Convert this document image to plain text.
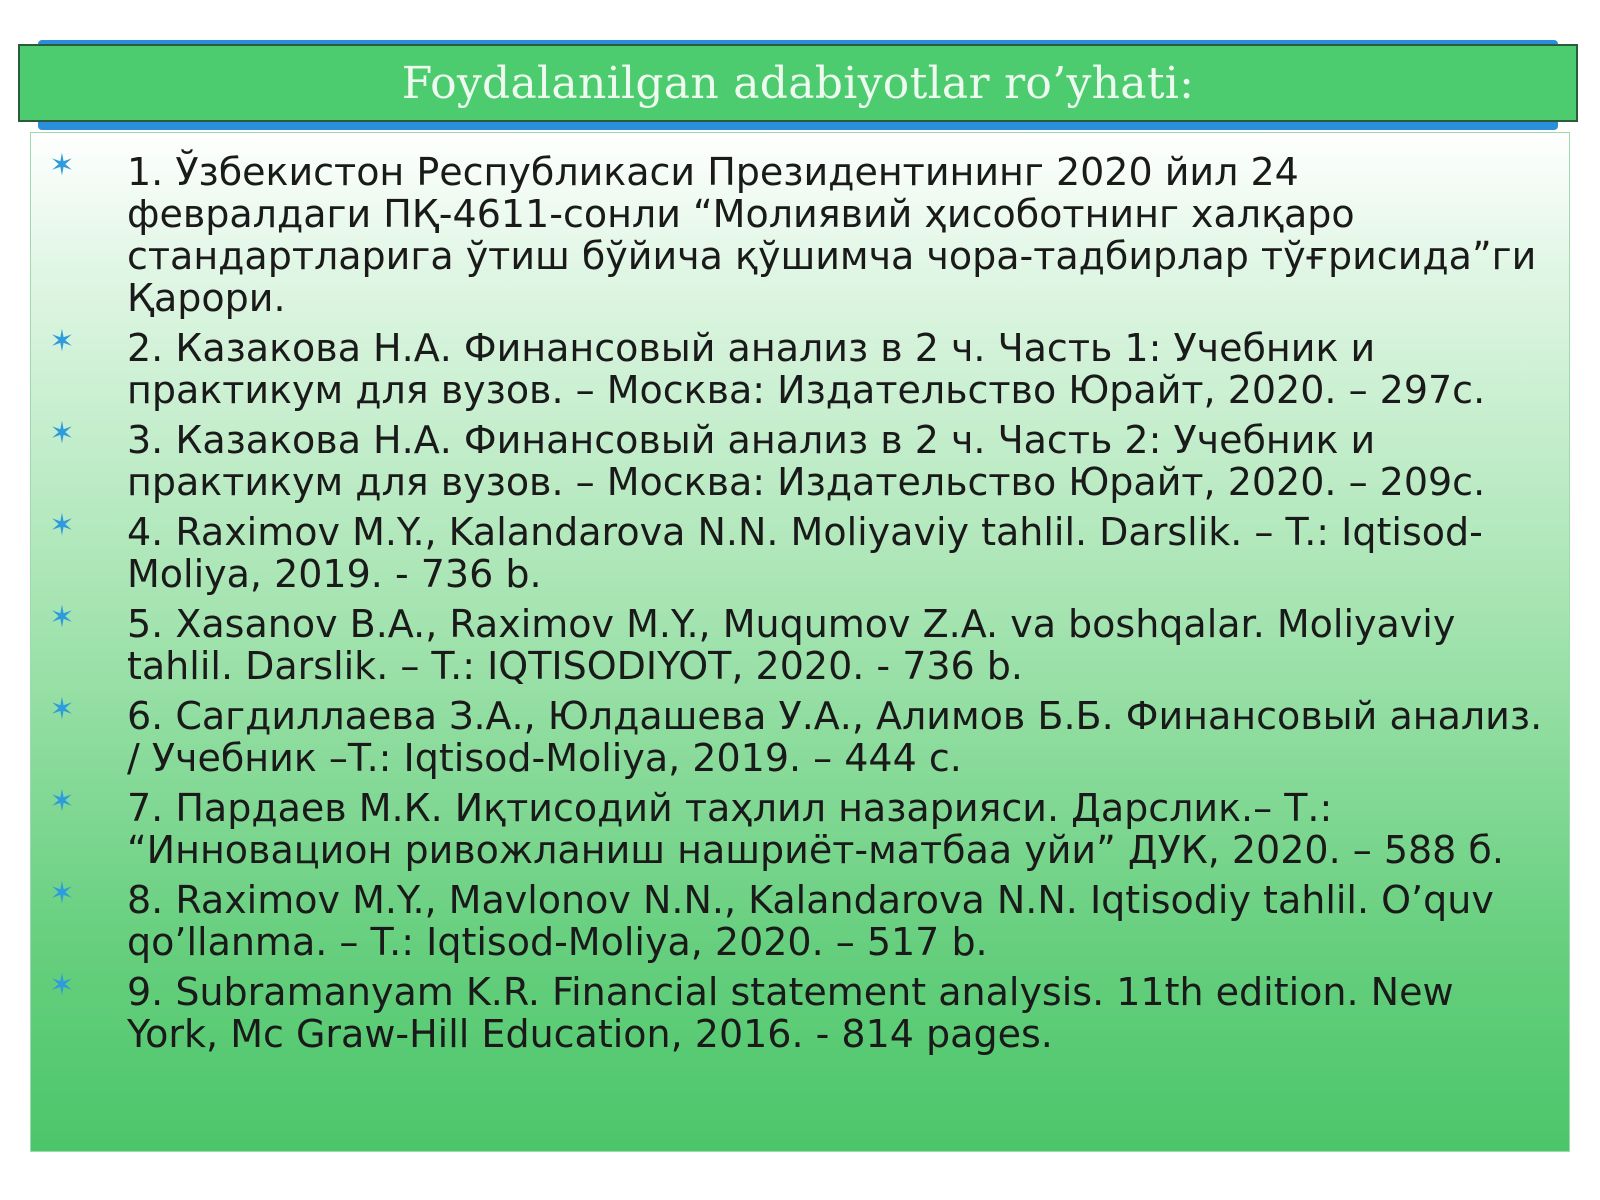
Foydalanilgan adabiyotlar ro’yhati:
✶ 1. Ўзбекистон Республикаси Президентининг 2020 йил 24 февралдаги ПҚ-4611-сонли “Молиявий ҳисоботнинг халқаро стандартларига ўтиш бўйича қўшимча чора-тадбирлар тўғрисида”ги Қарори.
✶ 2. Казакова Н.А. Финансовый анализ в 2 ч. Часть 1: Учебник и практикум для вузов. – Москва: Издательство Юрайт, 2020. – 297с.
✶ 3. Казакова Н.А. Финансовый анализ в 2 ч. Часть 2: Учебник и практикум для вузов. – Москва: Издательство Юрайт, 2020. – 209с.
✶ 4. Raximov M.Y., Kalandarova N.N. Moliyaviy tahlil. Darslik. – T.: Iqtisod-Moliya, 2019. - 736 b.
✶ 5. Xasanov B.A., Raximov M.Y., Muqumov Z.A. va boshqalar. Moliyaviy tahlil. Darslik. – T.: IQTISODIYOT, 2020. - 736 b.
✶ 6. Сагдиллаева З.А., Юлдашева У.А., Алимов Б.Б. Финансовый анализ. / Учебник –T.: Iqtisod-Moliya, 2019. – 444 с.
✶ 7. Пардаев М.К. Иқтисодий таҳлил назарияси. Дарслик.– Т.: “Инновацион ривожланиш нашриёт-матбаа уйи” ДУК, 2020. – 588 б.
✶ 8. Raximov M.Y., Mavlonov N.N., Kalandarova N.N. Iqtisodiy tahlil. O’quv qo’llanma. – T.: Iqtisod-Moliya, 2020. – 517 b.
✶ 9. Subramanyam K.R. Financial statement analysis. 11th edition. New York, Mc Graw-Hill Education, 2016. - 814 pages.
